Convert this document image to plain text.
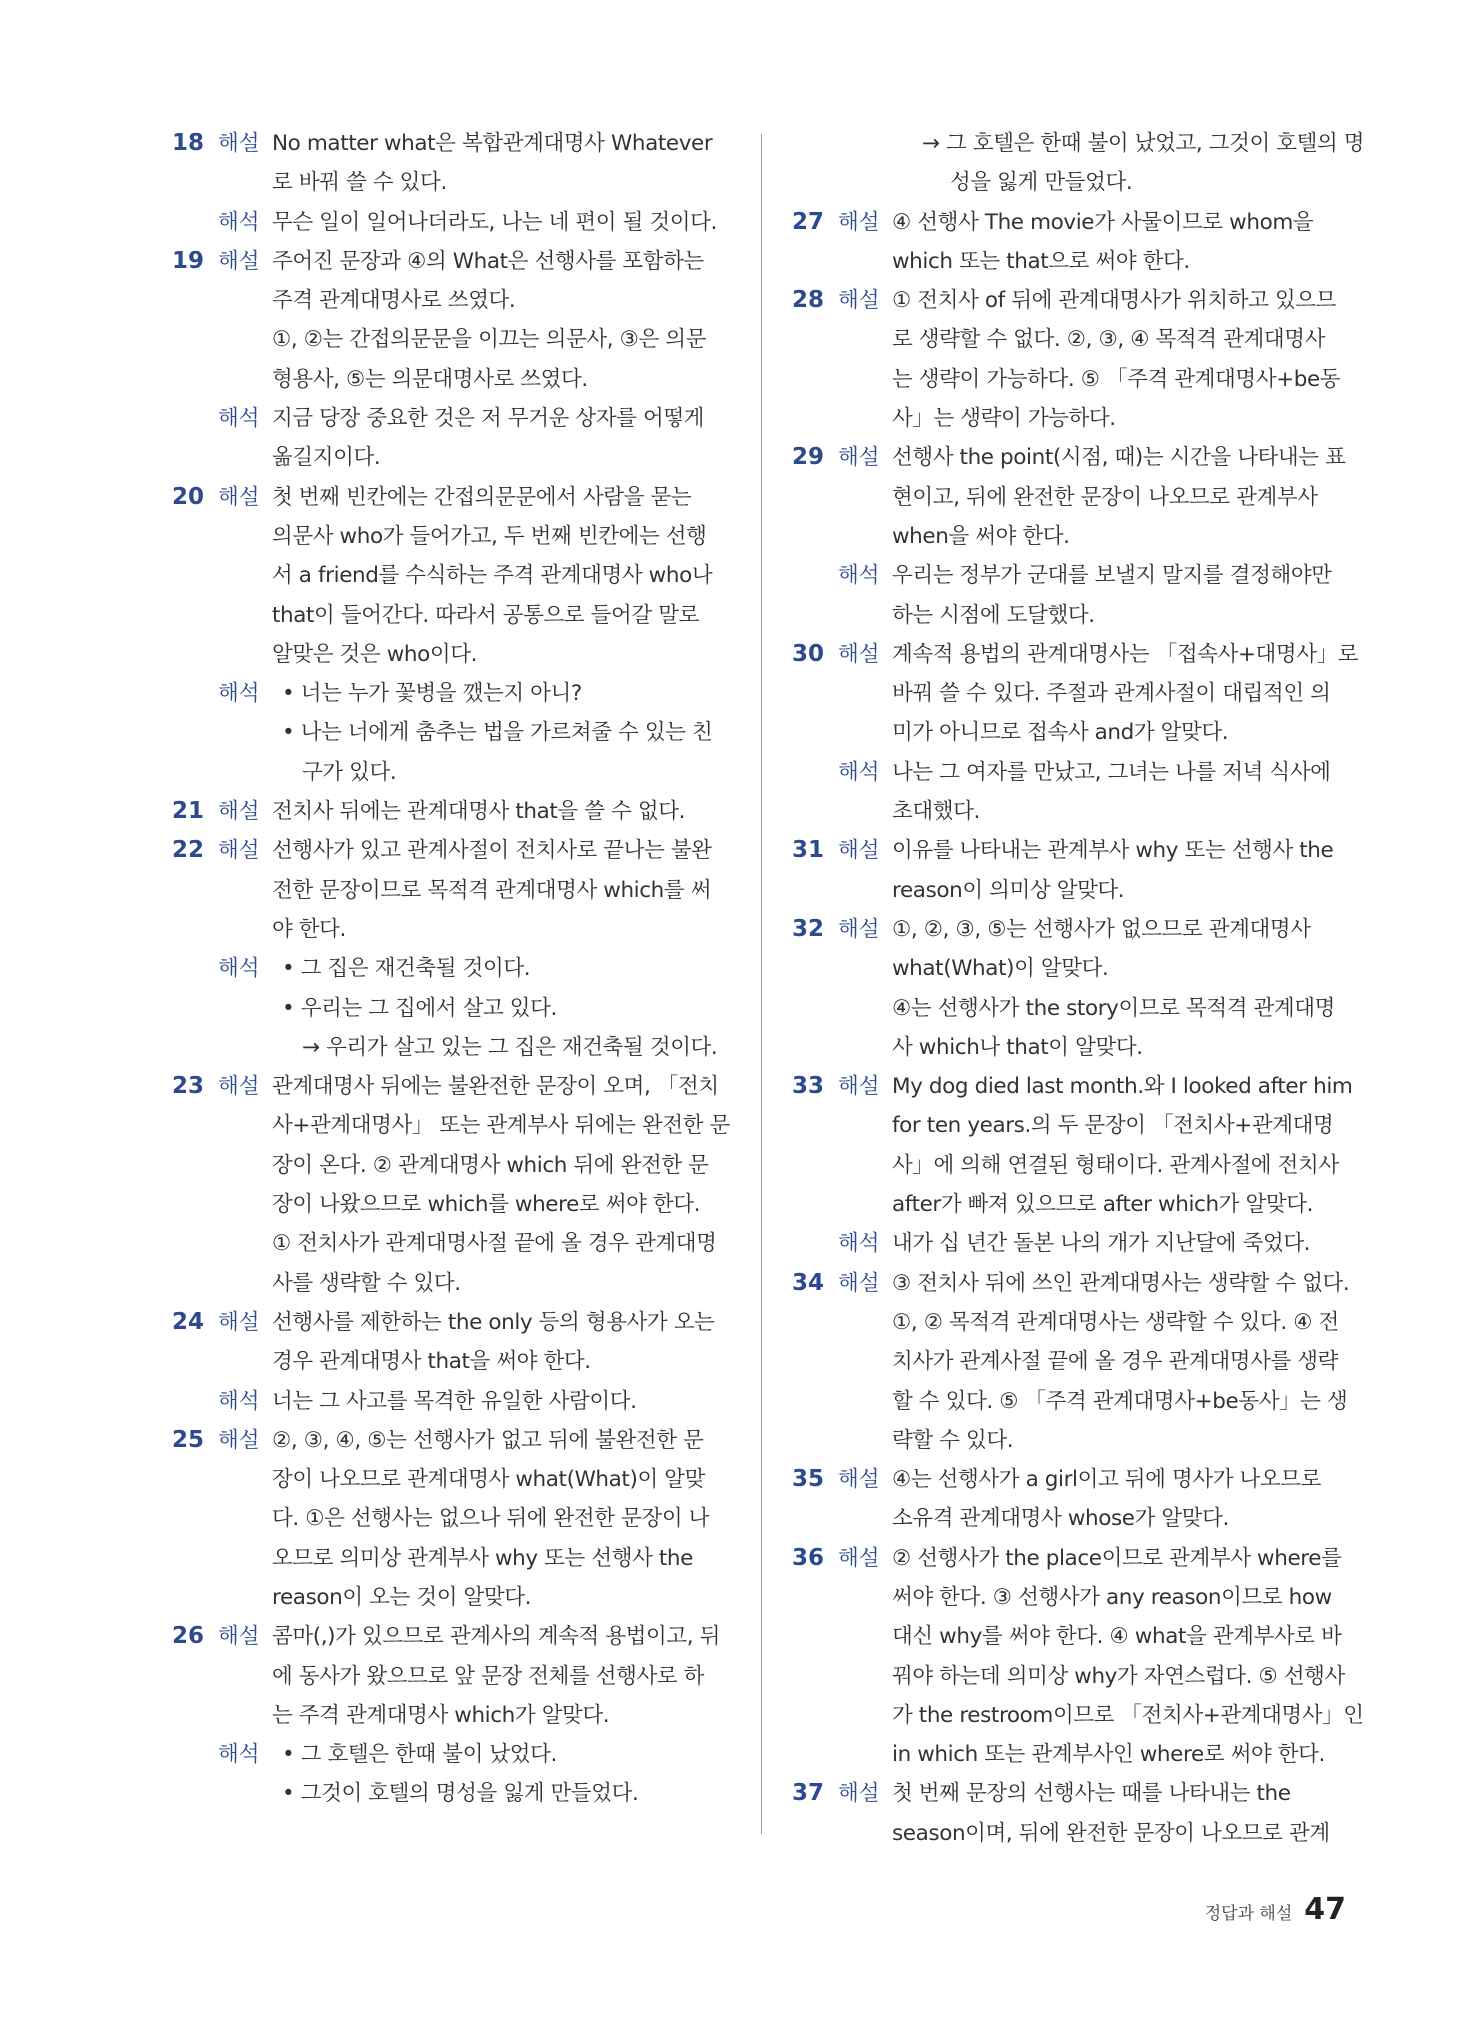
18 해설 No matter what은 복합관계대명사 Whatever
로 바꿔 쓸 수 있다.
해석 무슨 일이 일어나더라도, 나는 네 편이 될 것이다.
19 해설 주어진 문장과 ④의 What은 선행사를 포함하는
주격 관계대명사로 쓰였다.
①, ②는 간접의문문을 이끄는 의문사, ③은 의문
형용사, ⑤는 의문대명사로 쓰였다.
해석 지금 당장 중요한 것은 저 무거운 상자를 어떻게
옮길지이다.
20 해설 첫 번째 빈칸에는 간접의문문에서 사람을 묻는
의문사 who가 들어가고, 두 번째 빈칸에는 선행
서 a friend를 수식하는 주격 관계대명사 who나
that이 들어간다. 따라서 공통으로 들어갈 말로
알맞은 것은 who이다.
해석	• 너는 누가 꽃병을 깼는지 아니?
• 나는 너에게 춤추는 법을 가르쳐줄 수 있는 친
구가 있다.
21 해설 전치사 뒤에는 관계대명사 that을 쓸 수 없다.
22 해설 선행사가 있고 관계사절이 전치사로 끝나는 불완
전한 문장이므로 목적격 관계대명사 which를 써
야 한다.
해석	• 그 집은 재건축될 것이다.
• 우리는 그 집에서 살고 있다.
→ 우리가 살고 있는 그 집은 재건축될 것이다.
23 해설 관계대명사 뒤에는 불완전한 문장이 오며, 「전치
사+관계대명사」 또는 관계부사 뒤에는 완전한 문
장이 온다. ② 관계대명사 which 뒤에 완전한 문
장이 나왔으므로 which를 where로 써야 한다.
① 전치사가 관계대명사절 끝에 올 경우 관계대명
사를 생략할 수 있다.
24 해설 선행사를 제한하는 the only 등의 형용사가 오는
경우 관계대명사 that을 써야 한다.
해석 너는 그 사고를 목격한 유일한 사람이다.
25 해설 ②, ③, ④, ⑤는 선행사가 없고 뒤에 불완전한 문
장이 나오므로 관계대명사 what(What)이 알맞
다. ①은 선행사는 없으나 뒤에 완전한 문장이 나
오므로 의미상 관계부사 why 또는 선행사 the
reason이 오는 것이 알맞다.
26 해설 콤마(,)가 있으므로 관계사의 계속적 용법이고, 뒤
에 동사가 왔으므로 앞 문장 전체를 선행사로 하
는 주격 관계대명사 which가 알맞다.
해석	• 그 호텔은 한때 불이 났었다.
• 그것이 호텔의 명성을 잃게 만들었다.
→ 그 호텔은 한때 불이 났었고, 그것이 호텔의 명
성을 잃게 만들었다.
27 해설 ④ 선행사 The movie가 사물이므로 whom을
which 또는 that으로 써야 한다.
28 해설 ① 전치사 of 뒤에 관계대명사가 위치하고 있으므
로 생략할 수 없다. ②, ③, ④ 목적격 관계대명사
는 생략이 가능하다. ⑤ 「주격 관계대명사+be동
사」는 생략이 가능하다.
29 해설 선행사 the point(시점, 때)는 시간을 나타내는 표
현이고, 뒤에 완전한 문장이 나오므로 관계부사
when을 써야 한다.
해석 우리는 정부가 군대를 보낼지 말지를 결정해야만
하는 시점에 도달했다.
30 해설 계속적 용법의 관계대명사는 「접속사+대명사」로
바꿔 쓸 수 있다. 주절과 관계사절이 대립적인 의
미가 아니므로 접속사 and가 알맞다.
해석 나는 그 여자를 만났고, 그녀는 나를 저녁 식사에
초대했다.
31 해설 이유를 나타내는 관계부사 why 또는 선행사 the
reason이 의미상 알맞다.
32 해설 ①, ②, ③, ⑤는 선행사가 없으므로 관계대명사
what(What)이 알맞다.
④는 선행사가 the story이므로 목적격 관계대명
사 which나 that이 알맞다.
33 해설 My dog died last month.와 I looked after him
for ten years.의 두 문장이 「전치사+관계대명
사」에 의해 연결된 형태이다. 관계사절에 전치사
after가 빠져 있으므로 after which가 알맞다.
해석 내가 십 년간 돌본 나의 개가 지난달에 죽었다.
34 해설 ③ 전치사 뒤에 쓰인 관계대명사는 생략할 수 없다.
①, ② 목적격 관계대명사는 생략할 수 있다. ④ 전
치사가 관계사절 끝에 올 경우 관계대명사를 생략
할 수 있다. ⑤ 「주격 관계대명사+be동사」는 생
략할 수 있다.
35 해설 ④는 선행사가 a girl이고 뒤에 명사가 나오므로
소유격 관계대명사 whose가 알맞다.
36 해설 ② 선행사가 the place이므로 관계부사 where를
써야 한다. ③ 선행사가 any reason이므로 how
대신 why를 써야 한다. ④ what을 관계부사로 바
꿔야 하는데 의미상 why가 자연스럽다. ⑤ 선행사
가 the restroom이므로 「전치사+관계대명사」인
in which 또는 관계부사인 where로 써야 한다.
37 해설 첫 번째 문장의 선행사는 때를 나타내는 the
season이며, 뒤에 완전한 문장이 나오므로 관계
정답과 해설 47
